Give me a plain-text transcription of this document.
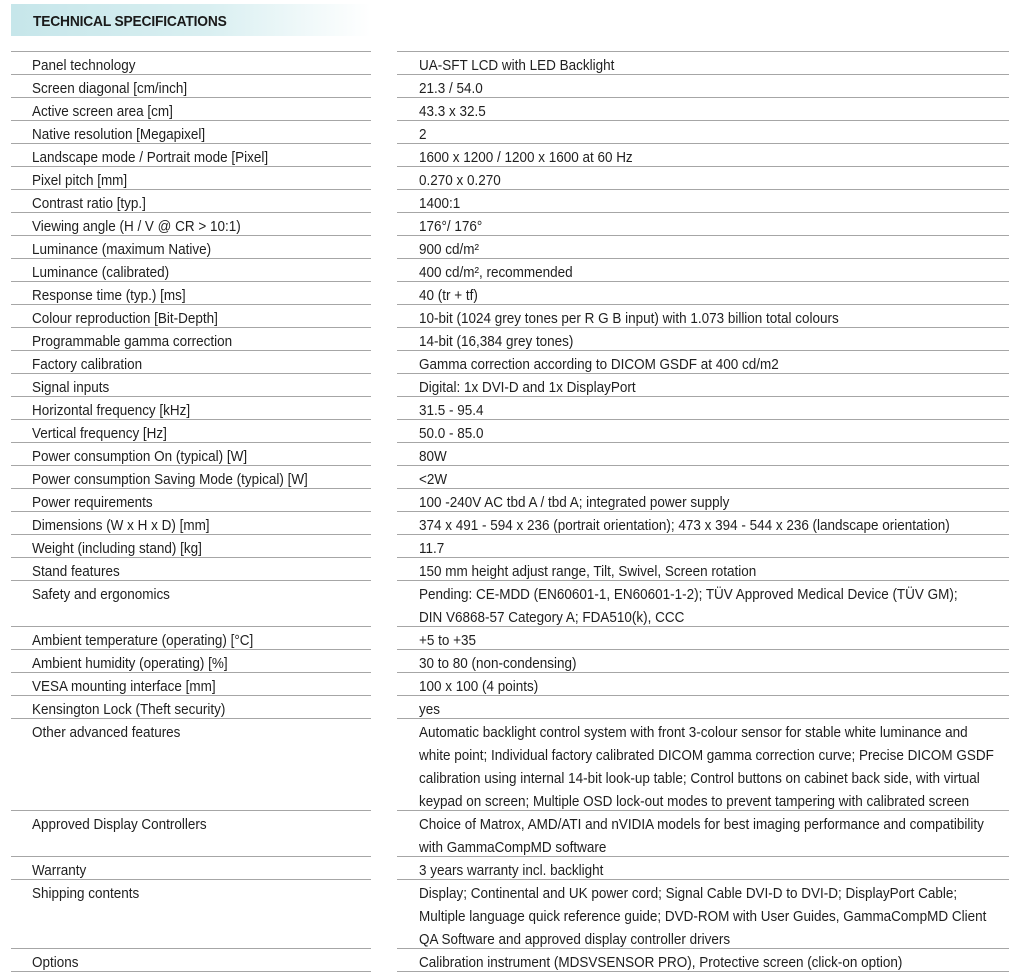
TECHNICAL SPECIFICATIONS
Panel technology	UA-SFT LCD with LED Backlight
Screen diagonal [cm/inch]	21.3 / 54.0
Active screen area [cm]	43.3 x 32.5
Native resolution [Megapixel]	2
Landscape mode / Portrait mode [Pixel]	1600 x 1200 / 1200 x 1600 at 60 Hz
Pixel pitch [mm]	0.270 x 0.270
Contrast ratio [typ.]	1400:1
Viewing angle (H / V @ CR > 10:1)	176°/ 176°
Luminance (maximum Native)	900 cd/m²
Luminance (calibrated)	400 cd/m², recommended
Response time (typ.) [ms]	40 (tr + tf)
Colour reproduction [Bit-Depth]	10-bit (1024 grey tones per R G B input) with 1.073 billion total colours
Programmable gamma correction	14-bit (16,384 grey tones)
Factory calibration	Gamma correction according to DICOM GSDF at 400 cd/m2
Signal inputs	Digital: 1x DVI-D and 1x DisplayPort
Horizontal frequency [kHz]	31.5 - 95.4
Vertical frequency [Hz]	50.0 - 85.0
Power consumption On (typical) [W]	80W
Power consumption Saving Mode (typical) [W]	<2W
Power requirements	100 -240V AC tbd A / tbd A; integrated power supply
Dimensions (W x H x D) [mm]	374 x 491 - 594 x 236 (portrait orientation); 473 x 394 - 544 x 236 (landscape orientation)
Weight (including stand) [kg]	11.7
Stand features	150 mm height adjust range, Tilt, Swivel, Screen rotation
Safety and ergonomics	Pending: CE-MDD (EN60601-1, EN60601-1-2); TÜV Approved Medical Device (TÜV GM);
DIN V6868-57 Category A; FDA510(k), CCC
Ambient temperature (operating) [°C]	+5 to +35
Ambient humidity (operating) [%]	30 to 80 (non-condensing)
VESA mounting interface [mm]	100 x 100 (4 points)
Kensington Lock (Theft security)	yes
Other advanced features	Automatic backlight control system with front 3-colour sensor for stable white luminance and
white point; Individual factory calibrated DICOM gamma correction curve; Precise DICOM GSDF
calibration using internal 14-bit look-up table; Control buttons on cabinet back side, with virtual
keypad on screen; Multiple OSD lock-out modes to prevent tampering with calibrated screen
Approved Display Controllers	Choice of Matrox, AMD/ATI and nVIDIA models for best imaging performance and compatibility
with GammaCompMD software
Warranty	3 years warranty incl. backlight
Shipping contents	Display; Continental and UK power cord; Signal Cable DVI-D to DVI-D; DisplayPort Cable;
Multiple language quick reference guide; DVD-ROM with User Guides, GammaCompMD Client
QA Software and approved display controller drivers
Options	Calibration instrument (MDSVSENSOR PRO), Protective screen (click-on option)
